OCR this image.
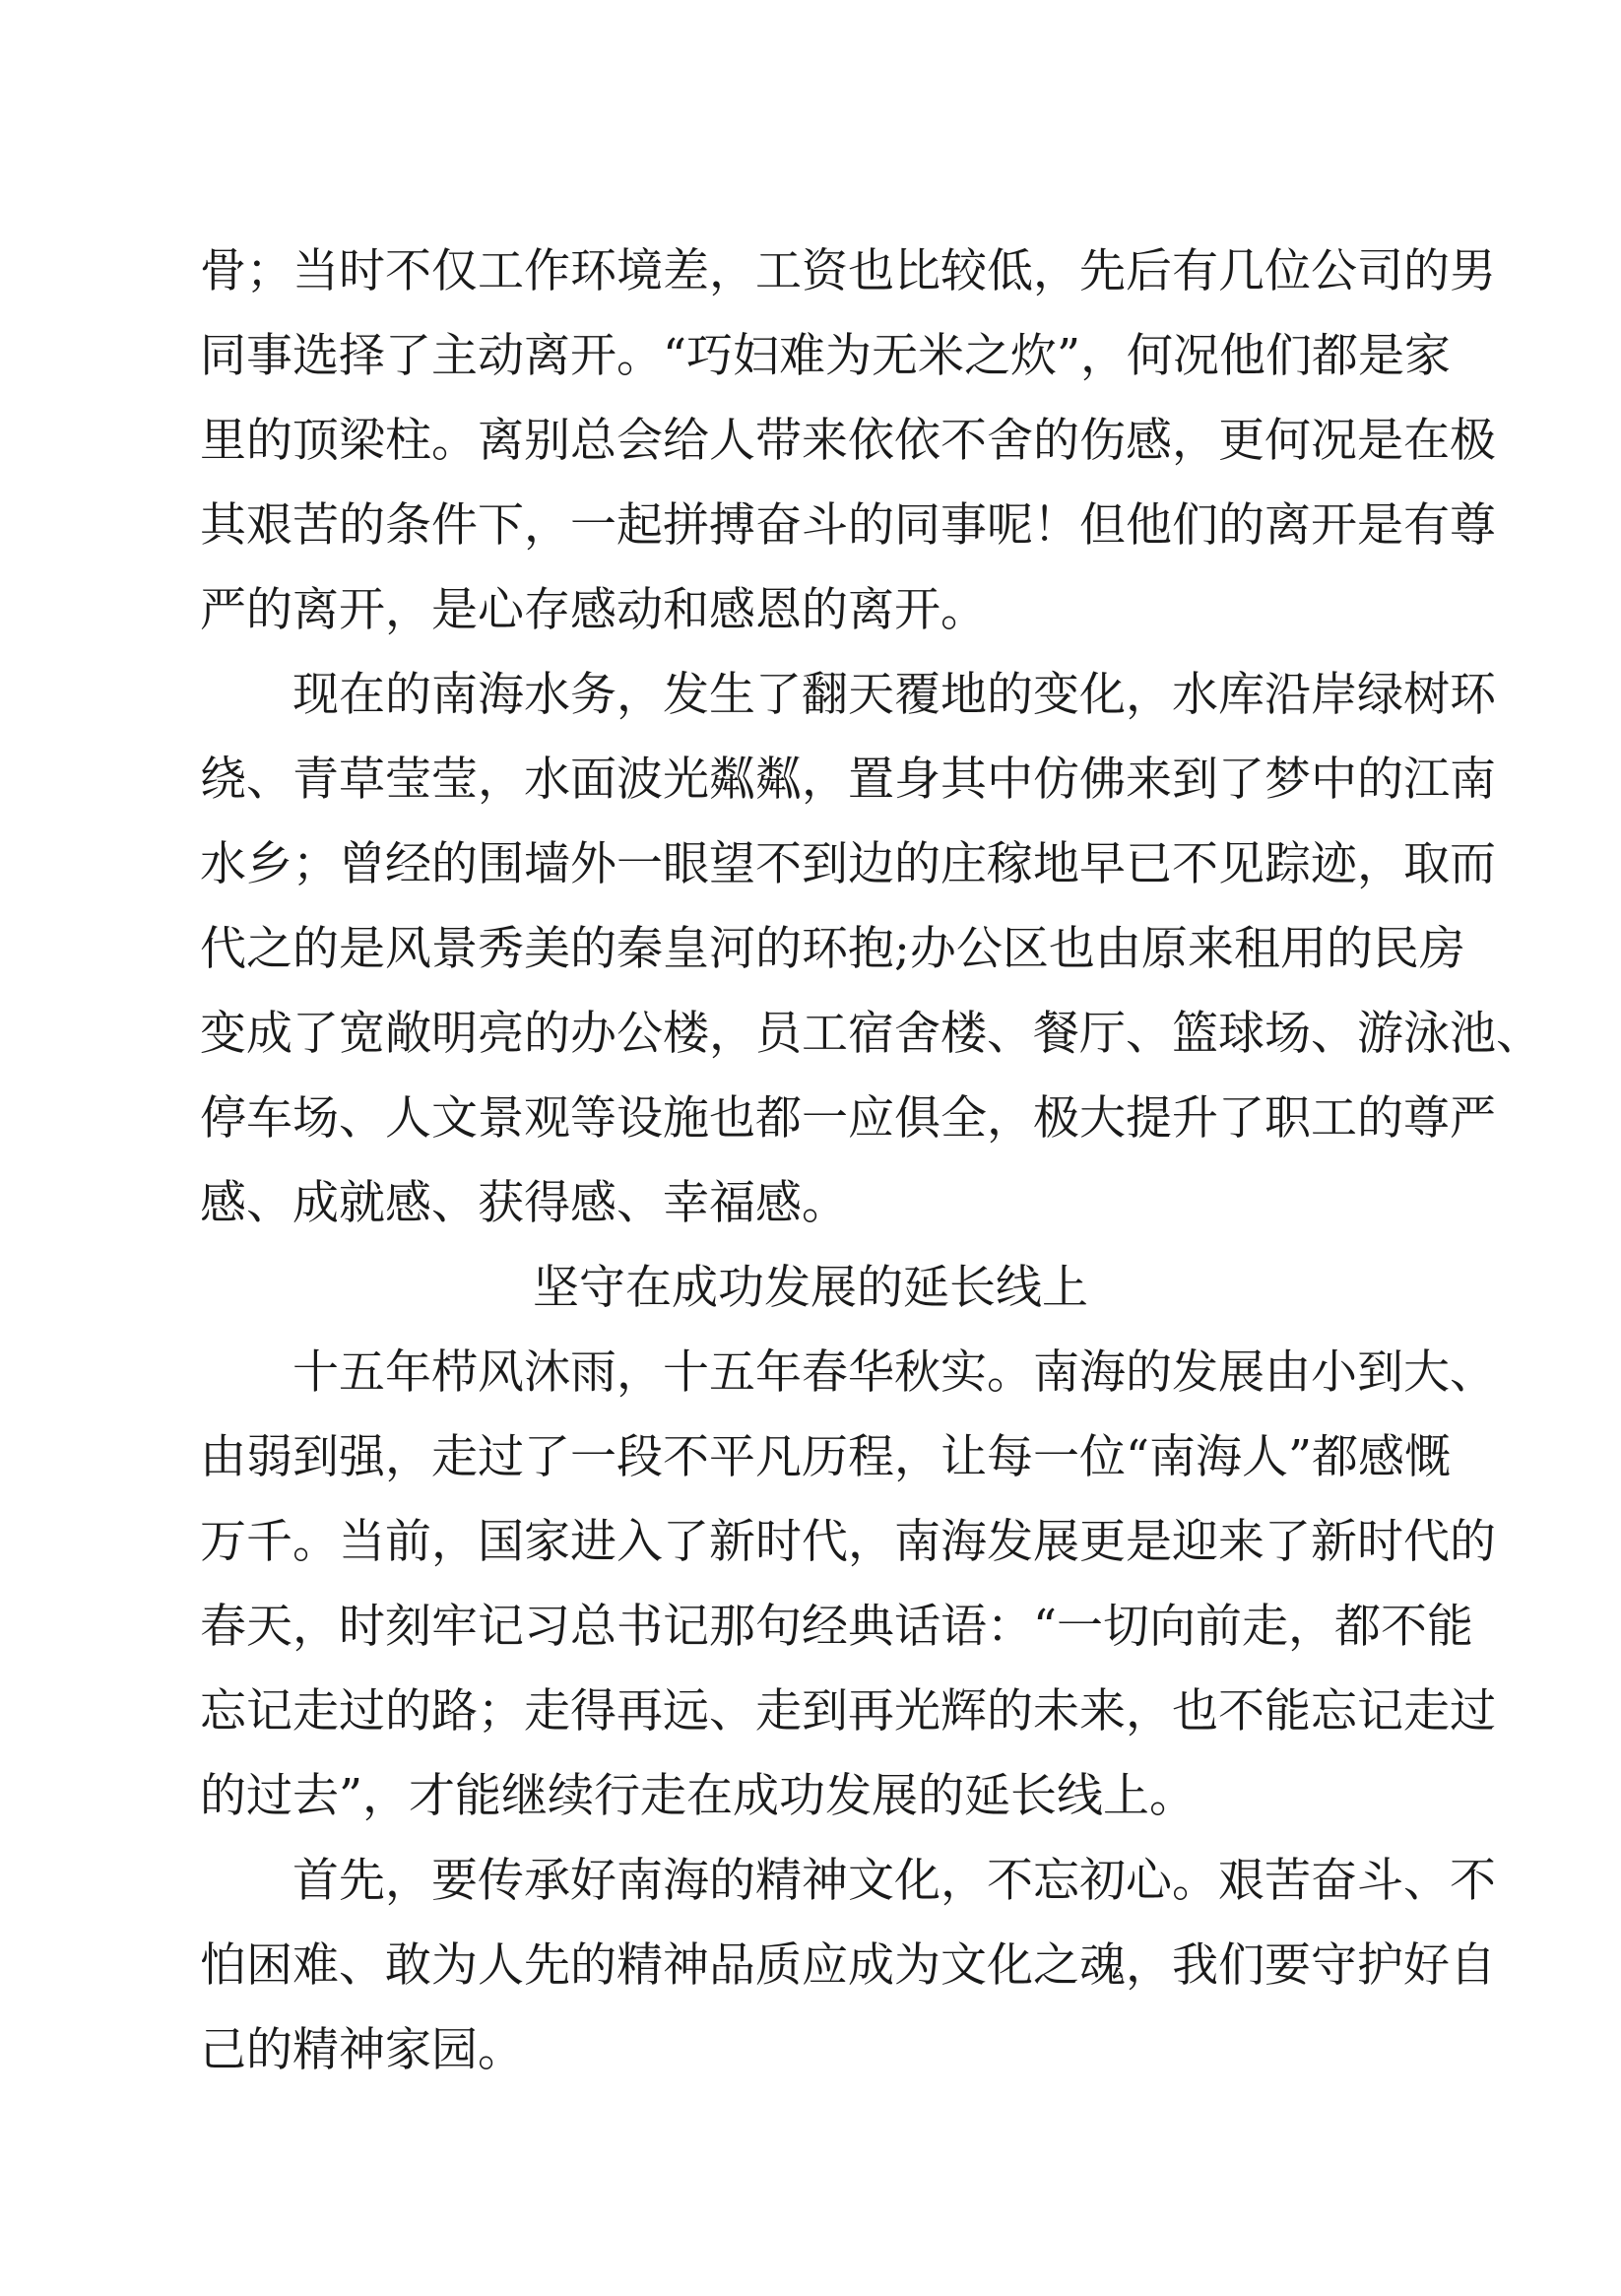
骨；当时不仅工作环境差，工资也比较低，先后有几位公司的男
同事选择了主动离开。“巧妇难为无米之炊”，何况他们都是家
里的顶梁柱。离别总会给人带来依依不舍的伤感，更何况是在极
其艰苦的条件下，一起拼搏奋斗的同事呢！但他们的离开是有尊
严的离开，是心存感动和感恩的离开。
现在的南海水务，发生了翻天覆地的变化，水库沿岸绿树环
绕、青草莹莹，水面波光粼粼，置身其中仿佛来到了梦中的江南
水乡；曾经的围墙外一眼望不到边的庄稼地早已不见踪迹，取而
代之的是风景秀美的秦皇河的环抱;办公区也由原来租用的民房
变成了宽敞明亮的办公楼，员工宿舍楼、餐厅、篮球场、游泳池、
停车场、人文景观等设施也都一应俱全，极大提升了职工的尊严
感、成就感、获得感、幸福感。
坚守在成功发展的延长线上
十五年栉风沐雨，十五年春华秋实。南海的发展由小到大、
由弱到强，走过了一段不平凡历程，让每一位“南海人”都感慨
万千。当前，国家进入了新时代，南海发展更是迎来了新时代的
春天，时刻牢记习总书记那句经典话语：“一切向前走，都不能
忘记走过的路；走得再远、走到再光辉的未来，也不能忘记走过
的过去”，才能继续行走在成功发展的延长线上。
首先，要传承好南海的精神文化，不忘初心。艰苦奋斗、不
怕困难、敢为人先的精神品质应成为文化之魂，我们要守护好自
己的精神家园。
